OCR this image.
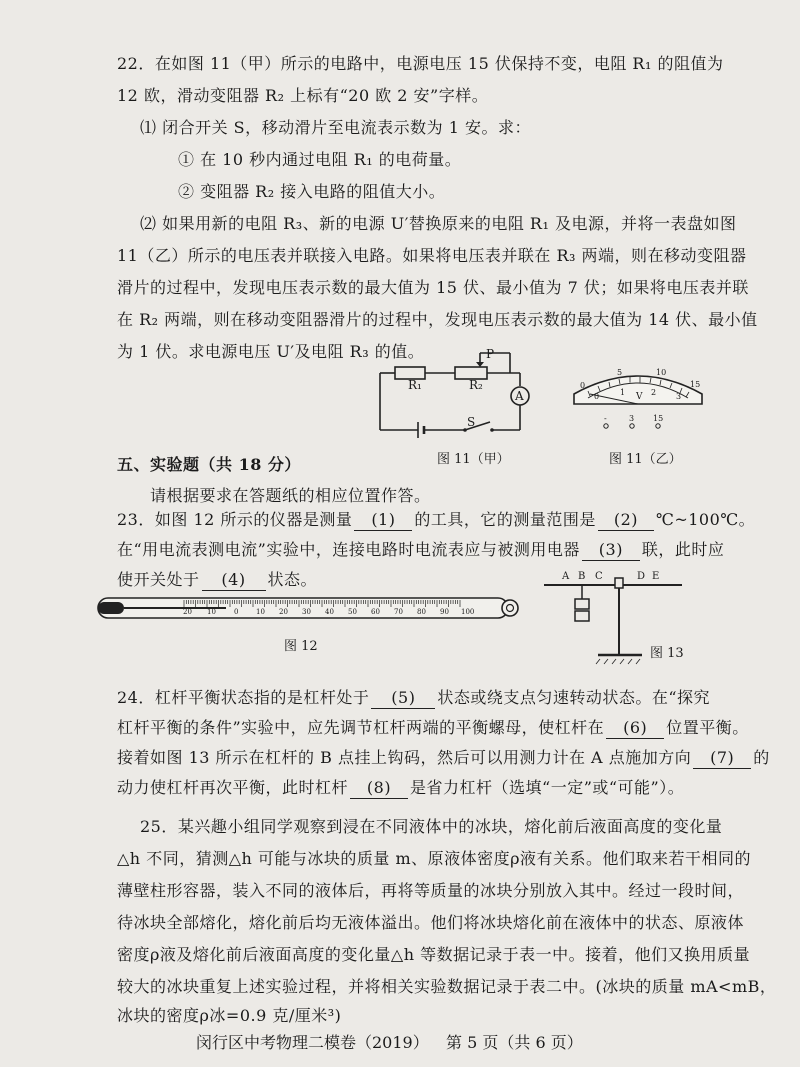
22．在如图 11（甲）所示的电路中，电源电压 15 伏保持不变，电阻 R₁ 的阻值为
12 欧，滑动变阻器 R₂ 上标有“20 欧 2 安”字样。
⑴ 闭合开关 S，移动滑片至电流表示数为 1 安。求：
① 在 10 秒内通过电阻 R₁ 的电荷量。
② 变阻器 R₂ 接入电路的阻值大小。
⑵ 如果用新的电阻 R₃、新的电源 U′替换原来的电阻 R₁ 及电源，并将一表盘如图
11（乙）所示的电压表并联接入电路。如果将电压表并联在 R₃ 两端，则在移动变阻器
滑片的过程中，发现电压表示数的最大值为 15 伏、最小值为 7 伏；如果将电压表并联
在 R₂ 两端，则在移动变阻器滑片的过程中，发现电压表示数的最大值为 14 伏、最小值
为 1 伏。求电源电压 U′及电阻 R₃ 的值。
R₁	R₂
P
A
S
图 11（甲）
0
5	10
15
0	1	2 3
V
-	3 15
图 11（乙）
五、实验题（共 18 分）
请根据要求在答题纸的相应位置作答。
23．如图 12 所示的仪器是测量 (1) 的工具，它的测量范围是 (2) ℃~100℃。
在“用电流表测电流”实验中，连接电路时电流表应与被测用电器 (3) 联，此时应
使开关处于 (4) 状态。
20 10	0	10 20 30 40 50 60 70 80 90 100
图 12
A B C	D E
图 13
24．杠杆平衡状态指的是杠杆处于 (5) 状态或绕支点匀速转动状态。在“探究
杠杆平衡的条件”实验中，应先调节杠杆两端的平衡螺母，使杠杆在 (6) 位置平衡。
接着如图 13 所示在杠杆的 B 点挂上钩码，然后可以用测力计在 A 点施加方向 (7) 的
动力使杠杆再次平衡，此时杠杆 (8) 是省力杠杆（选填“一定”或“可能”）。
25．某兴趣小组同学观察到浸在不同液体中的冰块，熔化前后液面高度的变化量
△h 不同，猜测△h 可能与冰块的质量 m、原液体密度ρ液有关系。他们取来若干相同的
薄壁柱形容器，装入不同的液体后，再将等质量的冰块分别放入其中。经过一段时间，
待冰块全部熔化，熔化前后均无液体溢出。他们将冰块熔化前在液体中的状态、原液体
密度ρ液及熔化前后液面高度的变化量△h 等数据记录于表一中。接着，他们又换用质量
较大的冰块重复上述实验过程，并将相关实验数据记录于表二中。(冰块的质量 mA<mB，
冰块的密度ρ冰=0.9 克/厘米³)
闵行区中考物理二模卷（2019） 第 5 页（共 6 页）
